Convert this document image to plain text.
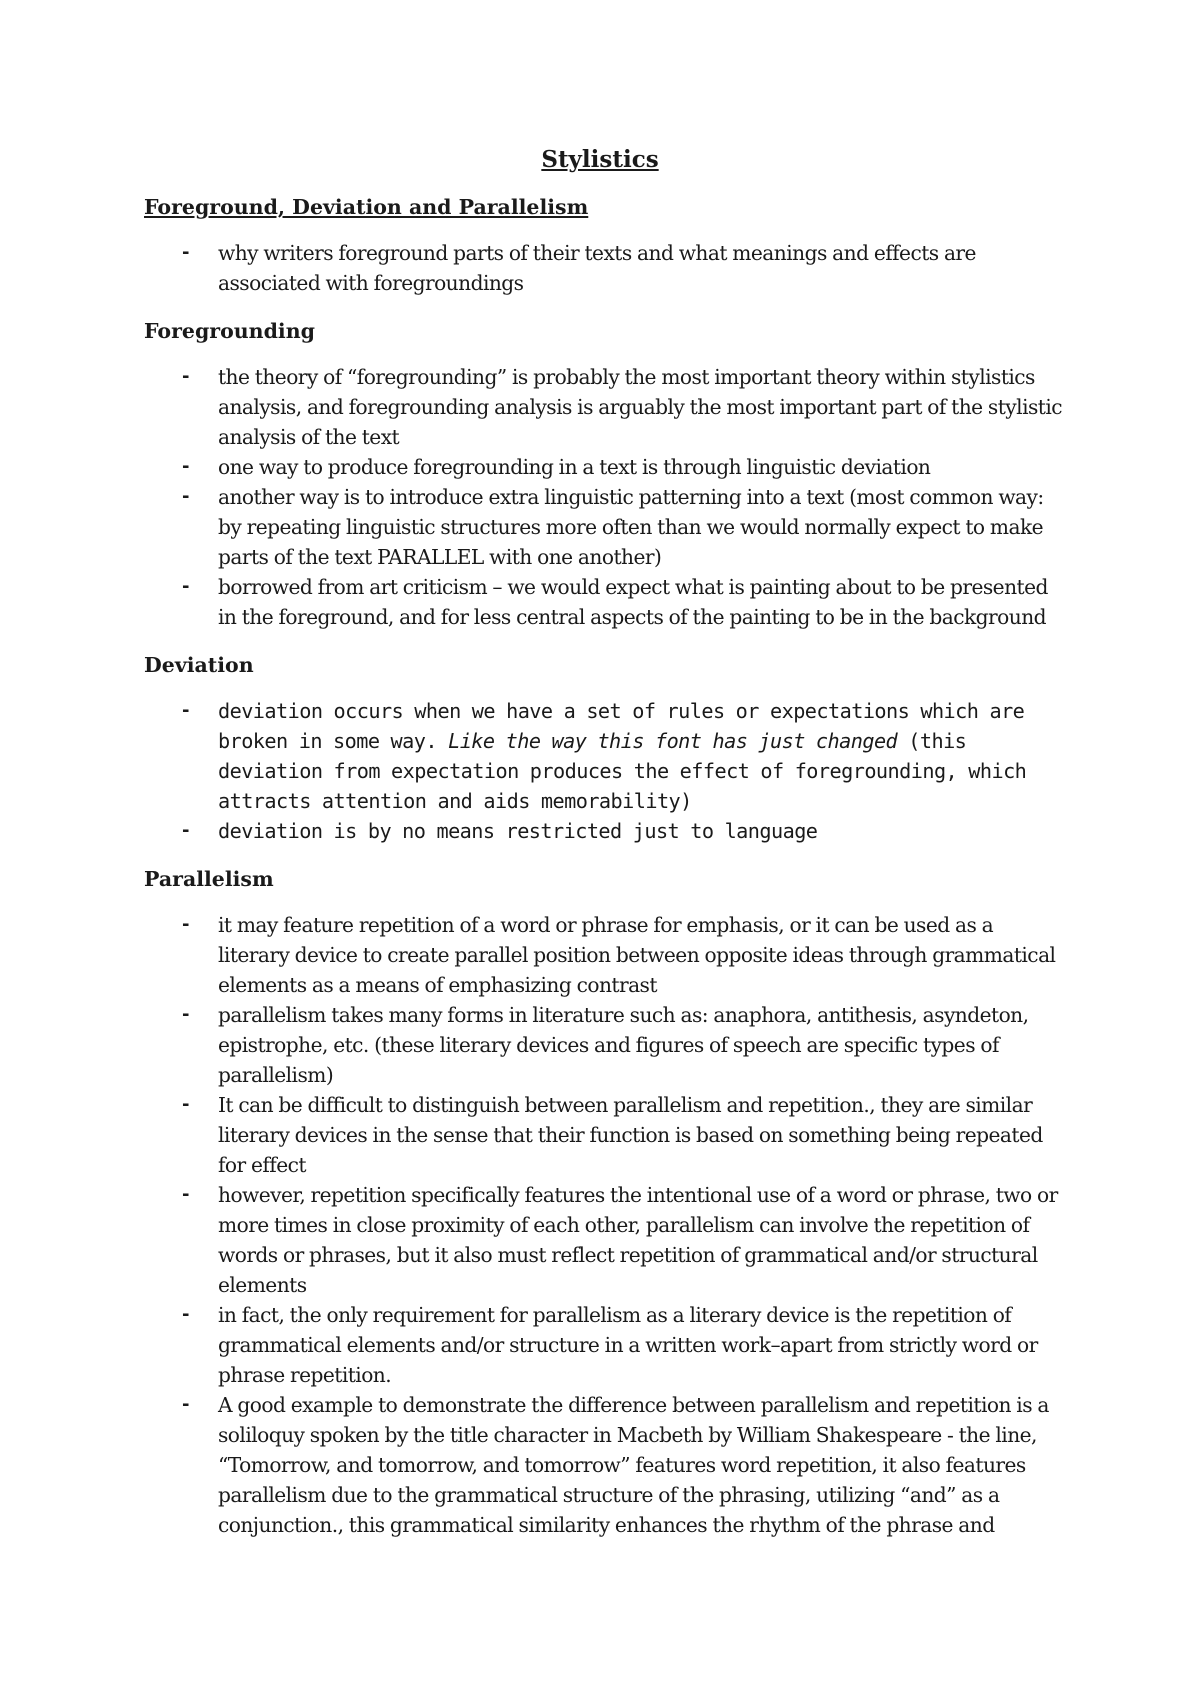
Stylistics
Foreground, Deviation and Parallelism
- why writers foreground parts of their texts and what meanings and effects are associated with foregroundings
Foregrounding
- the theory of “foregrounding” is probably the most important theory within stylistics analysis, and foregrounding analysis is arguably the most important part of the stylistic analysis of the text
- one way to produce foregrounding in a text is through linguistic deviation
- another way is to introduce extra linguistic patterning into a text (most common way: by repeating linguistic structures more often than we would normally expect to make parts of the text PARALLEL with one another)
- borrowed from art criticism – we would expect what is painting about to be presented in the foreground, and for less central aspects of the painting to be in the background
Deviation
- deviation occurs when we have a set of rules or expectations which are broken in some way. Like the way this font has just changed (this deviation from expectation produces the effect of foregrounding, which attracts attention and aids memorability)
- deviation is by no means restricted just to language
Parallelism
- it may feature repetition of a word or phrase for emphasis, or it can be used as a literary device to create parallel position between opposite ideas through grammatical elements as a means of emphasizing contrast
- parallelism takes many forms in literature such as: anaphora, antithesis, asyndeton, epistrophe, etc. (these literary devices and figures of speech are specific types of parallelism)
- It can be difficult to distinguish between parallelism and repetition., they are similar literary devices in the sense that their function is based on something being repeated for effect
- however, repetition specifically features the intentional use of a word or phrase, two or more times in close proximity of each other, parallelism can involve the repetition of words or phrases, but it also must reflect repetition of grammatical and/or structural elements
- in fact, the only requirement for parallelism as a literary device is the repetition of grammatical elements and/or structure in a written work–apart from strictly word or phrase repetition.
- A good example to demonstrate the difference between parallelism and repetition is a soliloquy spoken by the title character in Macbeth by William Shakespeare - the line, “Tomorrow, and tomorrow, and tomorrow” features word repetition, it also features parallelism due to the grammatical structure of the phrasing, utilizing “and” as a conjunction., this grammatical similarity enhances the rhythm of the phrase and
